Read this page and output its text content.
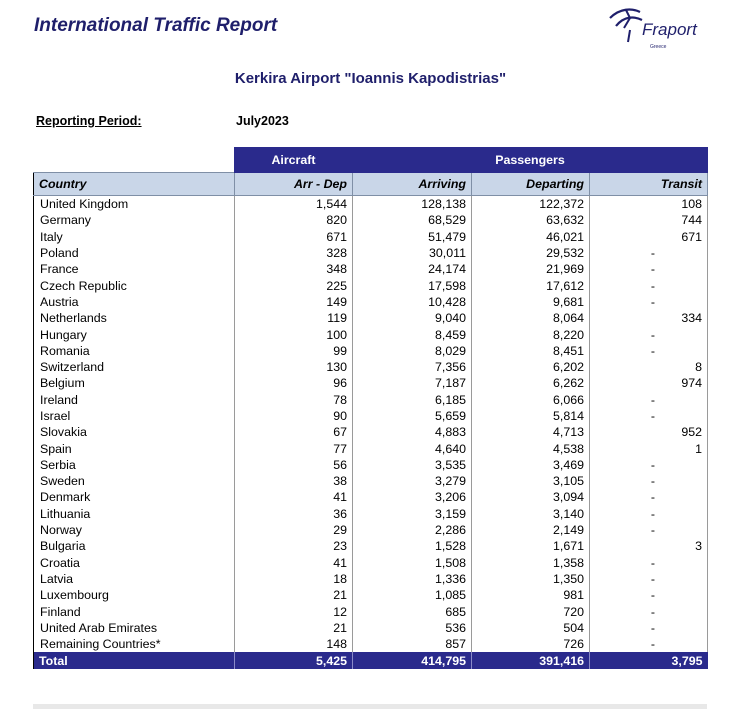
International Traffic Report	Fraport
Greece
Kerkira Airport "Ioannis Kapodistrias"
Reporting Period:	July2023
	Aircraft	Passengers		
Country	Arr - Dep	Arriving	Departing	Transit
United Kingdom	1,544	128,138	122,372	108
Germany	820	68,529	63,632	744
Italy	671	51,479	46,021	671
Poland	328	30,011	29,532	-
France	348	24,174	21,969	-
Czech Republic	225	17,598	17,612	-
Austria	149	10,428	9,681	-
Netherlands	119	9,040	8,064	334
Hungary	100	8,459	8,220	-
Romania	99	8,029	8,451	-
Switzerland	130	7,356	6,202	8
Belgium	96	7,187	6,262	974
Ireland	78	6,185	6,066	-
Israel	90	5,659	5,814	-
Slovakia	67	4,883	4,713	952
Spain	77	4,640	4,538	1
Serbia	56	3,535	3,469	-
Sweden	38	3,279	3,105	-
Denmark	41	3,206	3,094	-
Lithuania	36	3,159	3,140	-
Norway	29	2,286	2,149	-
Bulgaria	23	1,528	1,671	3
Croatia	41	1,508	1,358	-
Latvia	18	1,336	1,350	-
Luxembourg	21	1,085	981	-
Finland	12	685	720	-
United Arab Emirates	21	536	504	-
Remaining Countries*	148	857	726	-
Total	5,425	414,795	391,416	3,795
